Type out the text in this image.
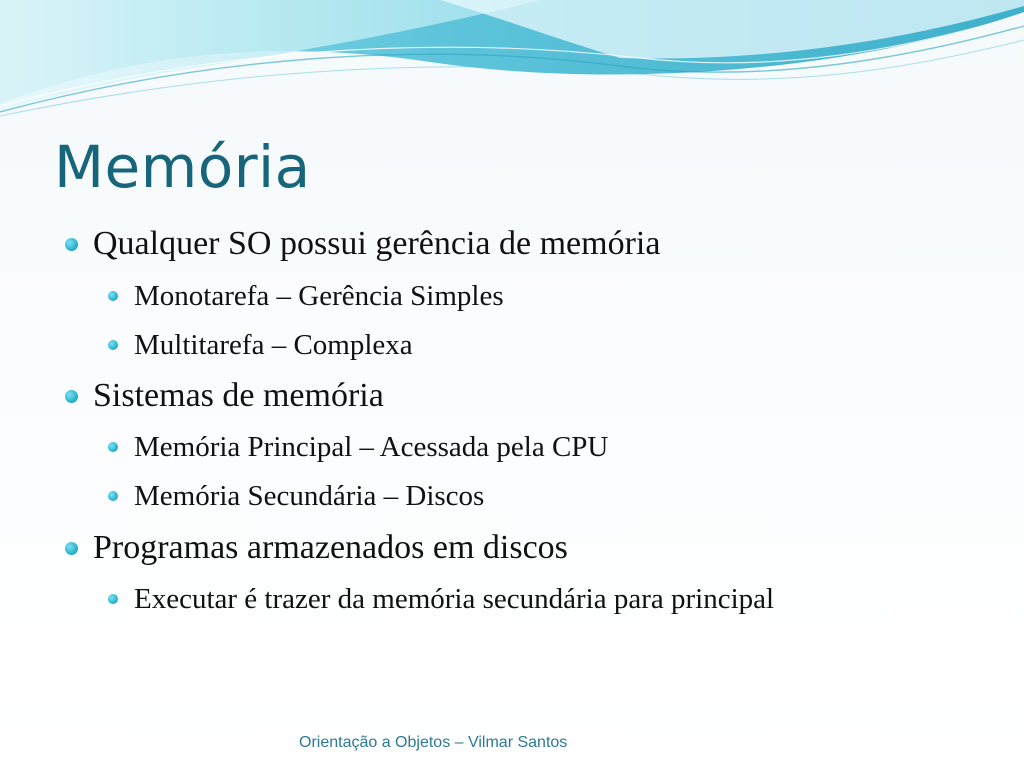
Memória
Qualquer SO possui gerência de memória
Monotarefa – Gerência Simples
Multitarefa – Complexa
Sistemas de memória
Memória Principal – Acessada pela CPU
Memória Secundária – Discos
Programas armazenados em discos
Executar é trazer da memória secundária para principal
Orientação a Objetos – Vilmar Santos
